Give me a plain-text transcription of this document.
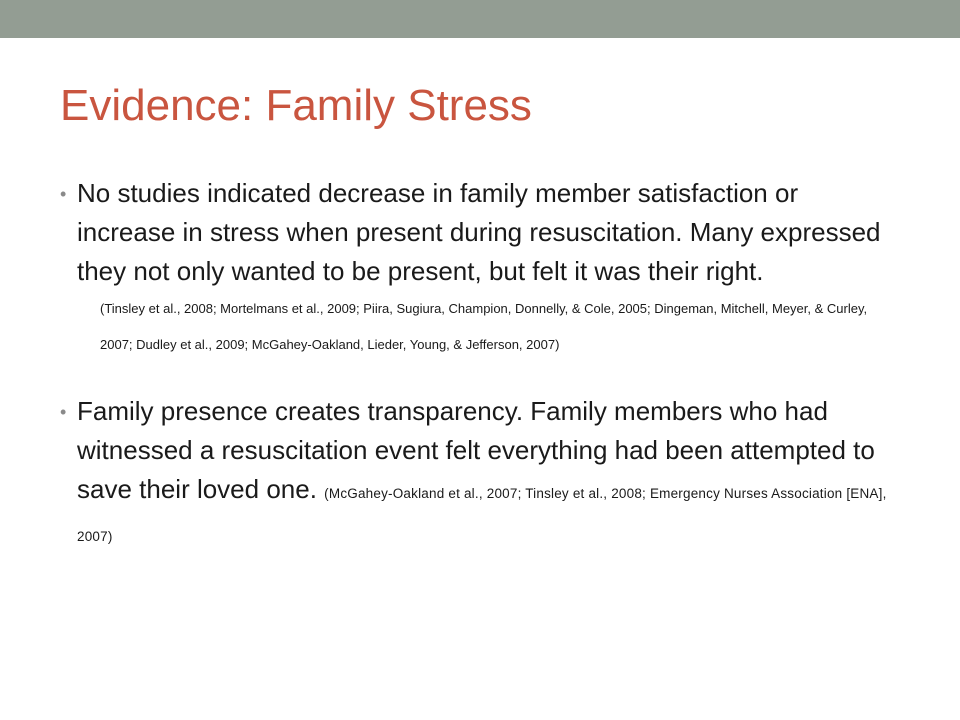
Evidence: Family Stress
• No studies indicated decrease in family member satisfaction or increase in stress when present during resuscitation. Many expressed they not only wanted to be present, but felt it was their right.
(Tinsley et al., 2008; Mortelmans et al., 2009; Piira, Sugiura, Champion, Donnelly, & Cole, 2005; Dingeman, Mitchell, Meyer, & Curley, 2007; Dudley et al., 2009; McGahey-Oakland, Lieder, Young, & Jefferson, 2007)
• Family presence creates transparency. Family members who had witnessed a resuscitation event felt everything had been attempted to save their loved one. (McGahey-Oakland et al., 2007; Tinsley et al., 2008; Emergency Nurses Association [ENA], 2007)
